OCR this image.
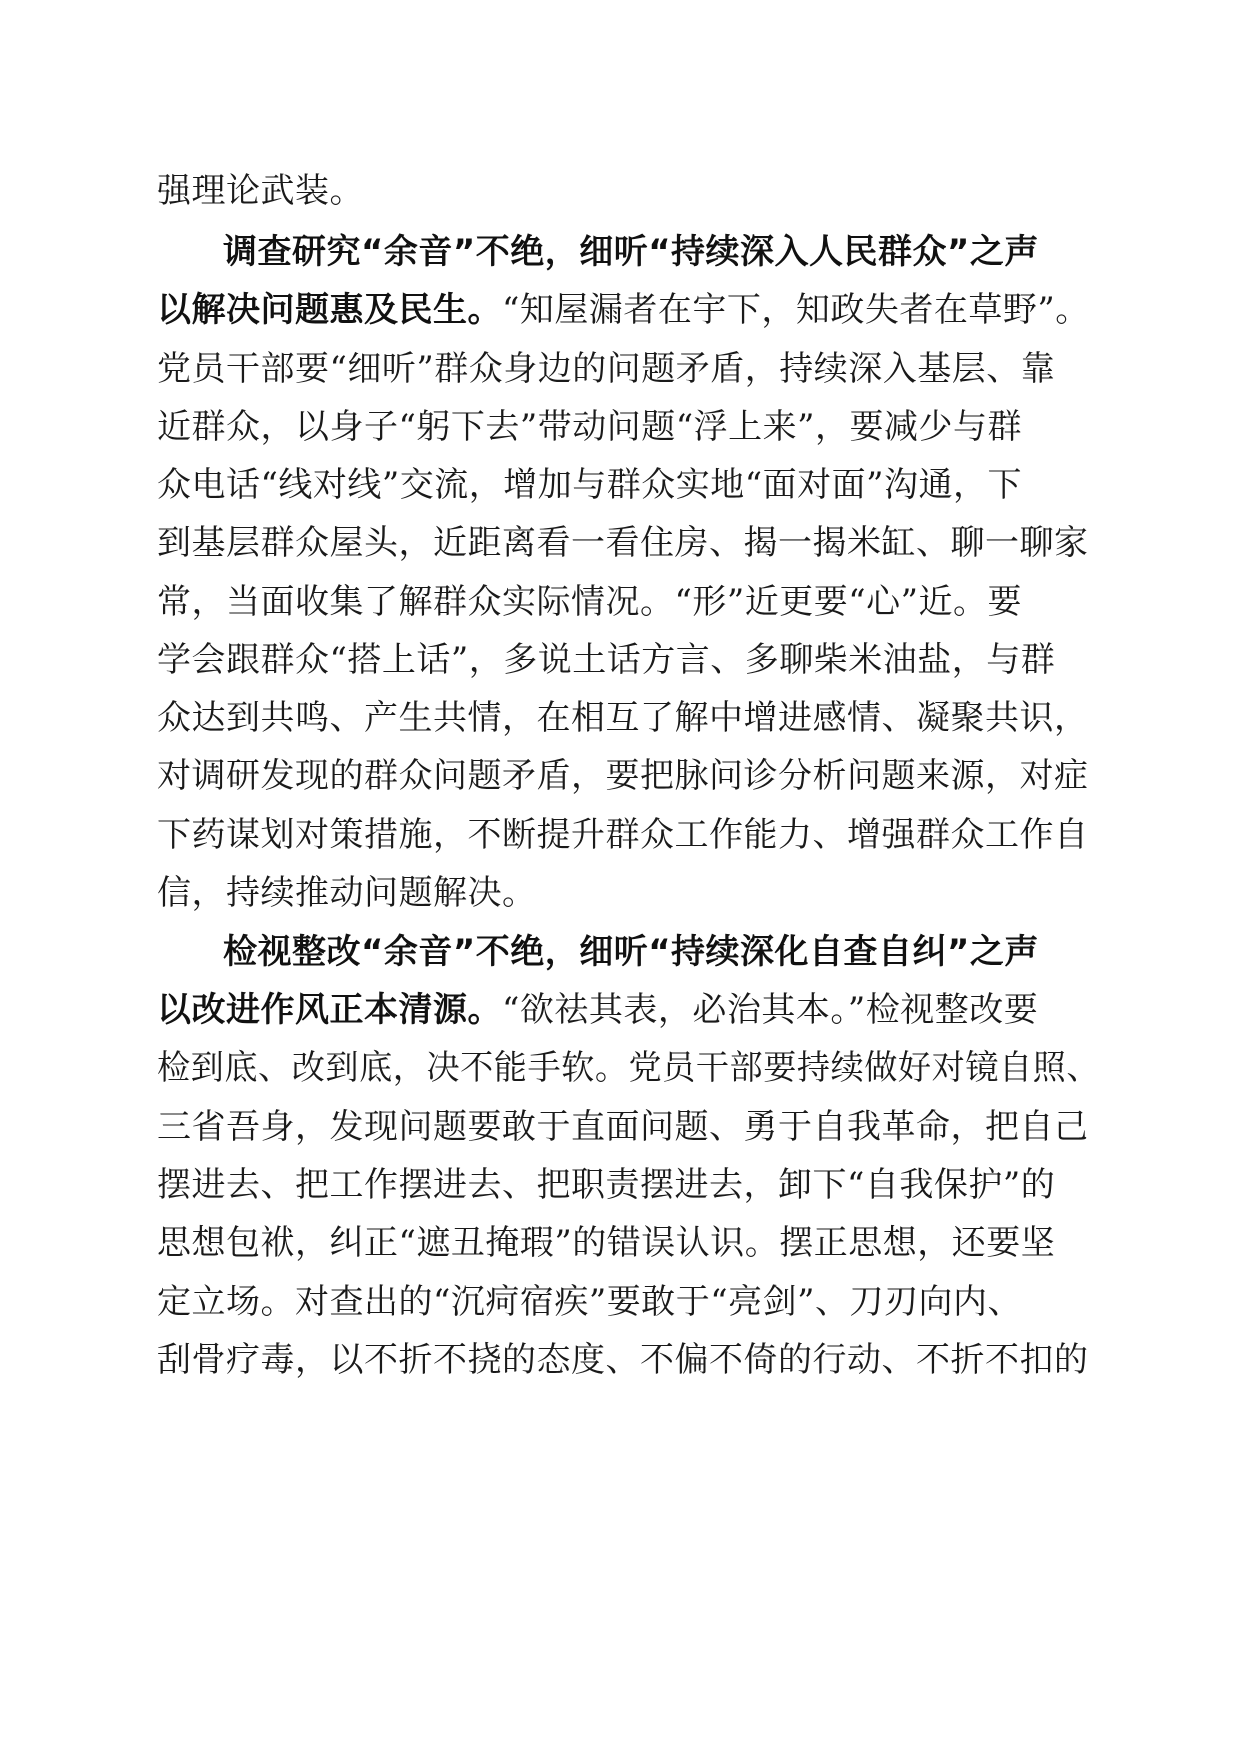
强理论武装。
调查研究“余音”不绝，细听“持续深入人民群众”之声
以解决问题惠及民生。“知屋漏者在宇下，知政失者在草野”。
党员干部要“细听”群众身边的问题矛盾，持续深入基层、靠
近群众，以身子“躬下去”带动问题“浮上来”，要减少与群
众电话“线对线”交流，增加与群众实地“面对面”沟通，下
到基层群众屋头，近距离看一看住房、揭一揭米缸、聊一聊家
常，当面收集了解群众实际情况。“形”近更要“心”近。要
学会跟群众“搭上话”，多说土话方言、多聊柴米油盐，与群
众达到共鸣、产生共情，在相互了解中增进感情、凝聚共识，
对调研发现的群众问题矛盾，要把脉问诊分析问题来源，对症
下药谋划对策措施，不断提升群众工作能力、增强群众工作自
信，持续推动问题解决。
检视整改“余音”不绝，细听“持续深化自查自纠”之声
以改进作风正本清源。“欲祛其表，必治其本。”检视整改要
检到底、改到底，决不能手软。党员干部要持续做好对镜自照、
三省吾身，发现问题要敢于直面问题、勇于自我革命，把自己
摆进去、把工作摆进去、把职责摆进去，卸下“自我保护”的
思想包袱，纠正“遮丑掩瑕”的错误认识。摆正思想，还要坚
定立场。对查出的“沉疴宿疾”要敢于“亮剑”、刀刃向内、
刮骨疗毒，以不折不挠的态度、不偏不倚的行动、不折不扣的
